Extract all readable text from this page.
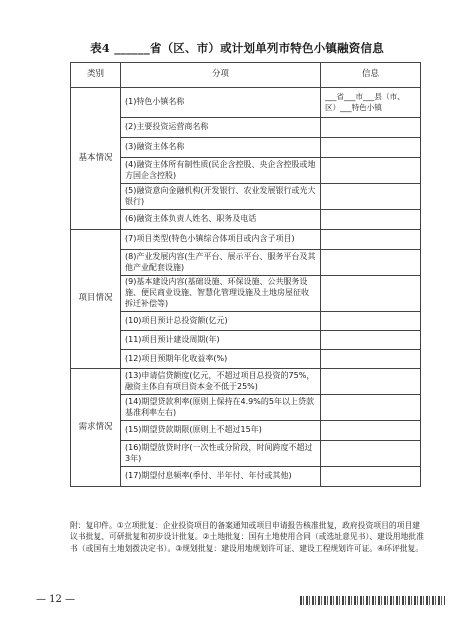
表4 ______省（区、市）或计划单列市特色小镇融资信息
类别	分项	信息
基本情况	(1)特色小镇名称	___省___市___县（市、区）___特色小镇
	(2)主要投资运营商名称	
	(3)融资主体名称	
	(4)融资主体所有制性质(民企含控股、央企含控股或地方国企含控股)	
	(5)融资意向金融机构(开发银行、农业发展银行或光大银行)	
	(6)融资主体负责人姓名、职务及电话	
项目情况	(7)项目类型(特色小镇综合体项目或内含子项目)	
	(8)产业发展内容(生产平台、展示平台、服务平台及其他产业配套设施)	
	(9)基本建设内容(基础设施、环保设施、公共服务设施、便民商业设施、智慧化管理设施及土地房屋征收拆迁补偿等)	
	(10)项目预计总投资额(亿元)	
	(11)项目预计建设周期(年)	
	(12)项目预期年化收益率(%)	
需求情况	(13)申请信贷额度(亿元，不超过项目总投资的75%，融资主体自有项目资本金不低于25%)	
	(14)期望贷款利率(原则上保持在4.9%的5年以上贷款基准利率左右)	
	(15)期望贷款期限(原则上不超过15年)	
	(16)期望放贷时序(一次性或分阶段，时间跨度不超过3年)	
	(17)期望付息频率(季付、半年付、年付或其他)	
附：复印件。①立项批复：企业投资项目的备案通知或项目申请报告核准批复，政府投资项目的项目建议书批复、可研批复和初步设计批复。②土地批复：国有土地使用合同（或选址意见书）、建设用地批准书（或国有土地划拨决定书）。③规划批复：建设用地规划许可证、建设工程规划许可证。④环评批复。
— 12 —
